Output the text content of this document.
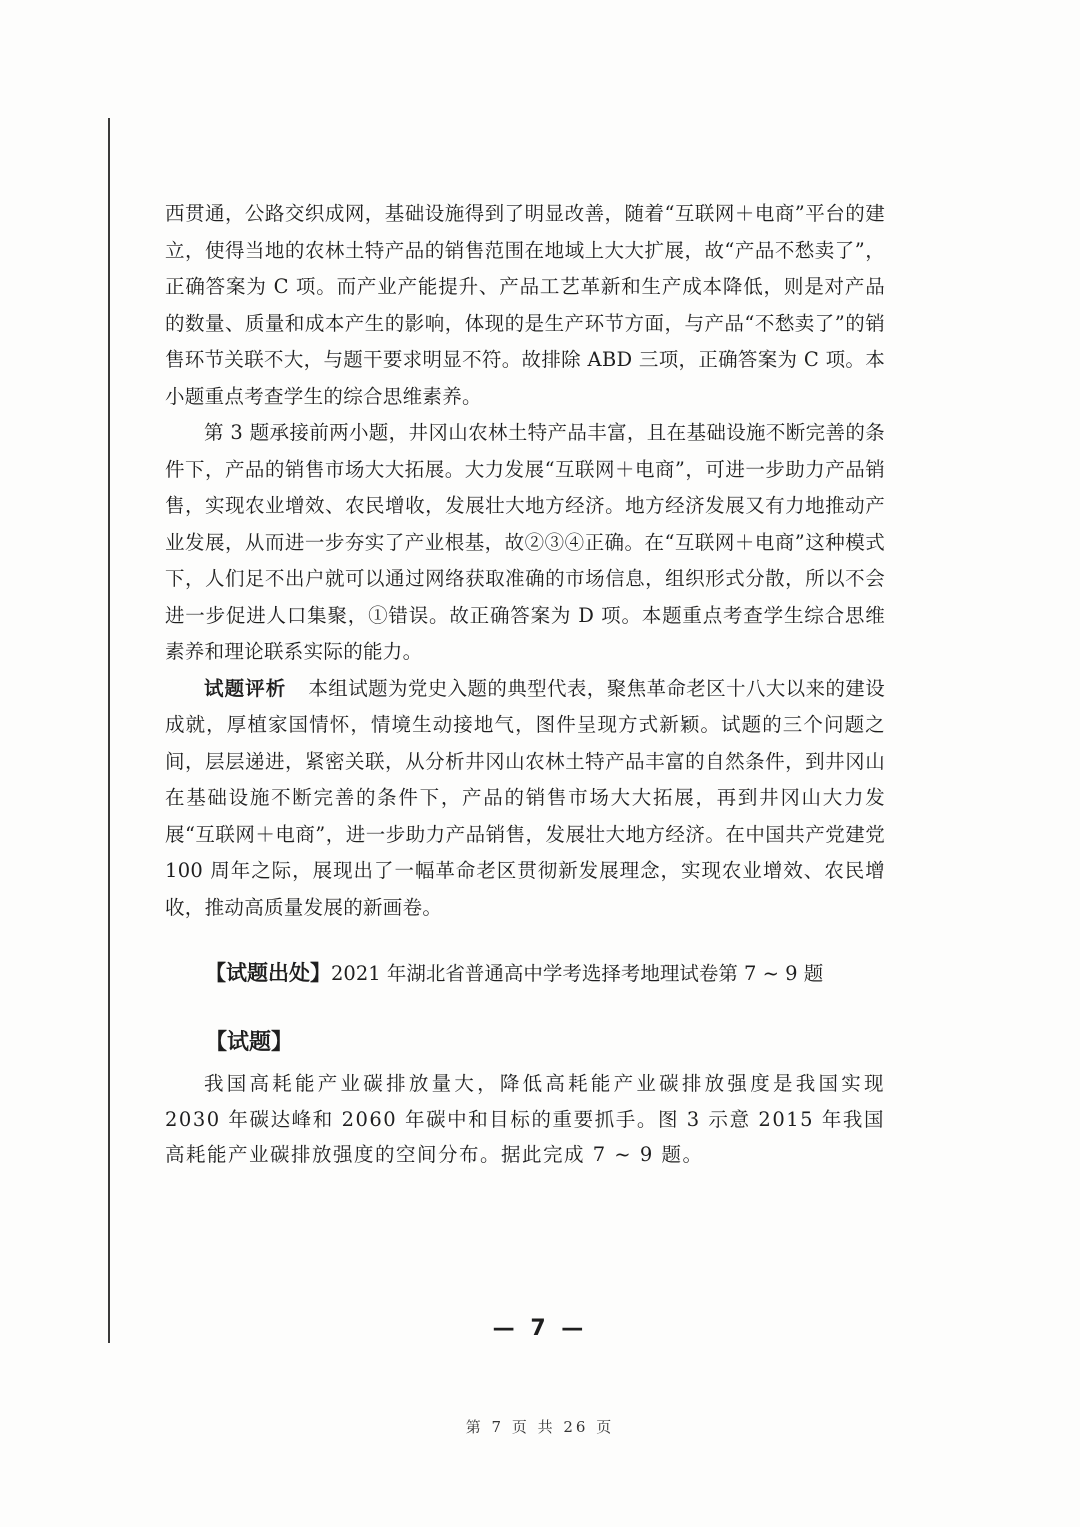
西贯通，公路交织成网，基础设施得到了明显改善，随着“互联网＋电商”平台的建立，使得当地的农林土特产品的销售范围在地域上大大扩展，故“产品不愁卖了”，正确答案为 C 项。而产业产能提升、产品工艺革新和生产成本降低，则是对产品的数量、质量和成本产生的影响，体现的是生产环节方面，与产品“不愁卖了”的销售环节关联不大，与题干要求明显不符。故排除 ABD 三项，正确答案为 C 项。本小题重点考查学生的综合思维素养。

第 3 题承接前两小题，井冈山农林土特产品丰富，且在基础设施不断完善的条件下，产品的销售市场大大拓展。大力发展“互联网＋电商”，可进一步助力产品销售，实现农业增效、农民增收，发展壮大地方经济。地方经济发展又有力地推动产业发展，从而进一步夯实了产业根基，故②③④正确。在“互联网＋电商”这种模式下，人们足不出户就可以通过网络获取准确的市场信息，组织形式分散，所以不会进一步促进人口集聚，①错误。故正确答案为 D 项。本题重点考查学生综合思维素养和理论联系实际的能力。

试题评析 本组试题为党史入题的典型代表，聚焦革命老区十八大以来的建设成就，厚植家国情怀，情境生动接地气，图件呈现方式新颖。试题的三个问题之间，层层递进，紧密关联，从分析井冈山农林土特产品丰富的自然条件，到井冈山在基础设施不断完善的条件下，产品的销售市场大大拓展，再到井冈山大力发展“互联网＋电商”，进一步助力产品销售，发展壮大地方经济。在中国共产党建党 100 周年之际，展现出了一幅革命老区贯彻新发展理念，实现农业增效、农民增收，推动高质量发展的新画卷。

【试题出处】2021 年湖北省普通高中学考选择考地理试卷第 7 ~ 9 题
【试题】
我国高耗能产业碳排放量大，降低高耗能产业碳排放强度是我国实现 2030 年碳达峰和 2060 年碳中和目标的重要抓手。图 3 示意 2015 年我国高耗能产业碳排放强度的空间分布。据此完成 7 ~ 9 题。
— 7 —
第 7 页 共 26 页
